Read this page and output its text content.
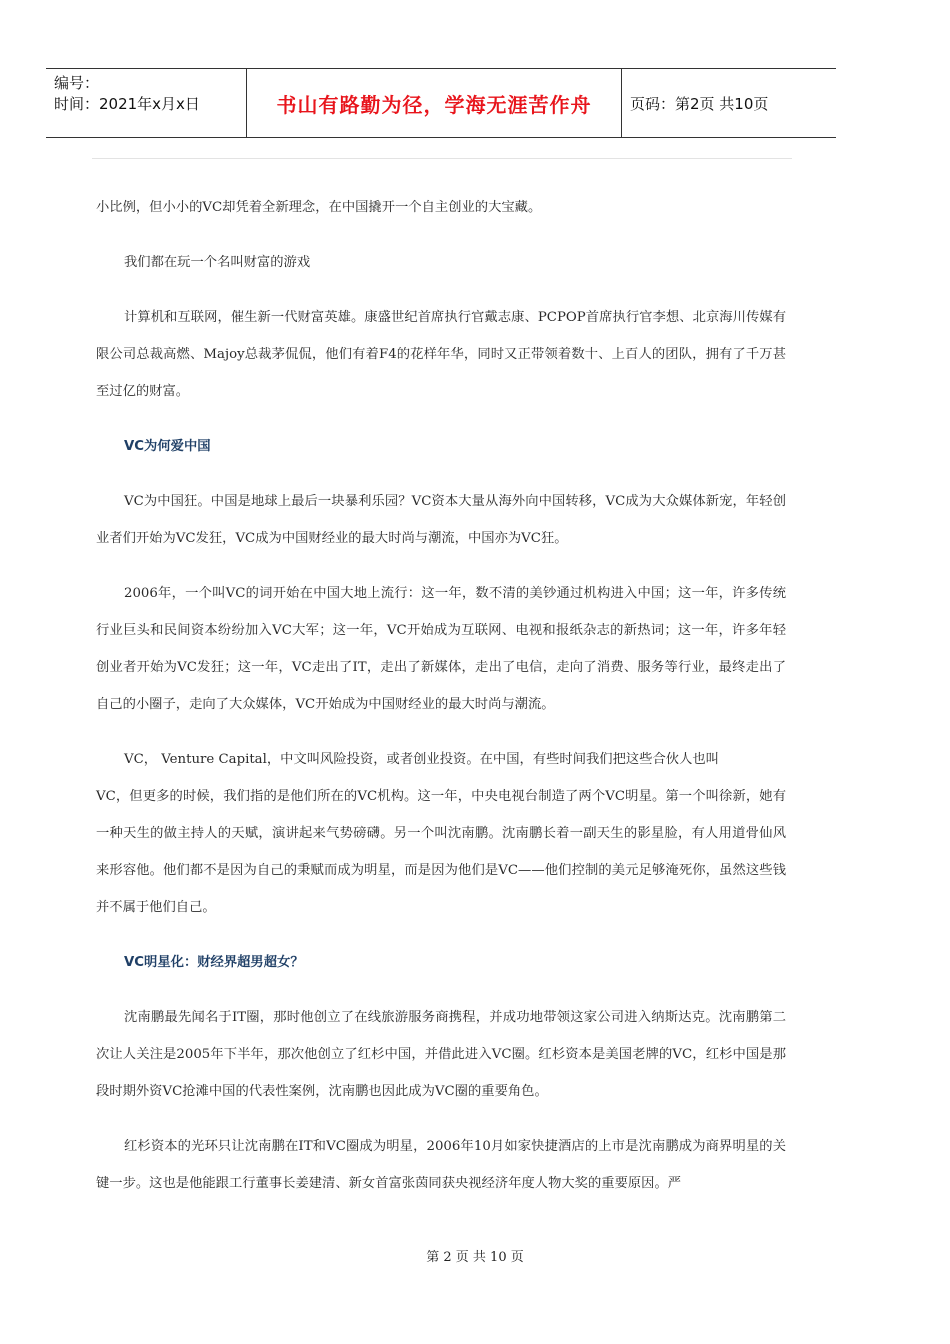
编号：
时间：2021年x月x日	书山有路勤为径，学海无涯苦作舟	页码：第2页 共10页

小比例，但小小的VC却凭着全新理念，在中国撬开一个自主创业的大宝藏。

我们都在玩一个名叫财富的游戏

计算机和互联网，催生新一代财富英雄。康盛世纪首席执行官戴志康、PCPOP首席执行官李想、北京海川传媒有限公司总裁高燃、Majoy总裁茅侃侃，他们有着F4的花样年华，同时又正带领着数十、上百人的团队，拥有了千万甚至过亿的财富。

VC为何爱中国

VC为中国狂。中国是地球上最后一块暴利乐园？VC资本大量从海外向中国转移，VC成为大众媒体新宠，年轻创业者们开始为VC发狂，VC成为中国财经业的最大时尚与潮流，中国亦为VC狂。

2006年，一个叫VC的词开始在中国大地上流行：这一年，数不清的美钞通过机构进入中国；这一年，许多传统行业巨头和民间资本纷纷加入VC大军；这一年，VC开始成为互联网、电视和报纸杂志的新热词；这一年，许多年轻创业者开始为VC发狂；这一年，VC走出了IT，走出了新媒体，走出了电信，走向了消费、服务等行业，最终走出了自己的小圈子，走向了大众媒体，VC开始成为中国财经业的最大时尚与潮流。

VC， Venture Capital，中文叫风险投资，或者创业投资。在中国，有些时间我们把这些合伙人也叫

VC，但更多的时候，我们指的是他们所在的VC机构。这一年，中央电视台制造了两个VC明星。第一个叫徐新，她有一种天生的做主持人的天赋，演讲起来气势磅礴。另一个叫沈南鹏。沈南鹏长着一副天生的影星脸，有人用道骨仙风来形容他。他们都不是因为自己的秉赋而成为明星，而是因为他们是VC——他们控制的美元足够淹死你，虽然这些钱并不属于他们自己。

VC明星化：财经界超男超女？

沈南鹏最先闻名于IT圈，那时他创立了在线旅游服务商携程，并成功地带领这家公司进入纳斯达克。沈南鹏第二次让人关注是2005年下半年，那次他创立了红杉中国，并借此进入VC圈。红杉资本是美国老牌的VC，红杉中国是那段时期外资VC抢滩中国的代表性案例，沈南鹏也因此成为VC圈的重要角色。

红杉资本的光环只让沈南鹏在IT和VC圈成为明星，2006年10月如家快捷酒店的上市是沈南鹏成为商界明星的关键一步。这也是他能跟工行董事长姜建清、新女首富张茵同获央视经济年度人物大奖的重要原因。严

第 2 页 共 10 页
